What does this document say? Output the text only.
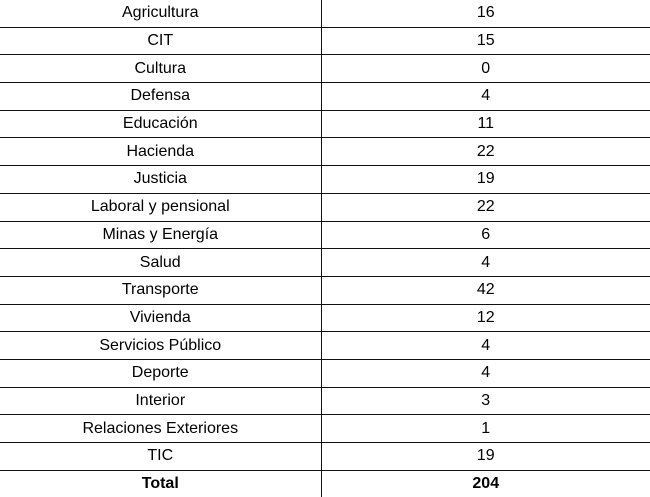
Agricultura	16
CIT	15
Cultura	0
Defensa	4
Educación	11
Hacienda	22
Justicia	19
Laboral y pensional	22
Minas y Energía	6
Salud	4
Transporte	42
Vivienda	12
Servicios Público	4
Deporte	4
Interior	3
Relaciones Exteriores	1
TIC	19
Total	204
